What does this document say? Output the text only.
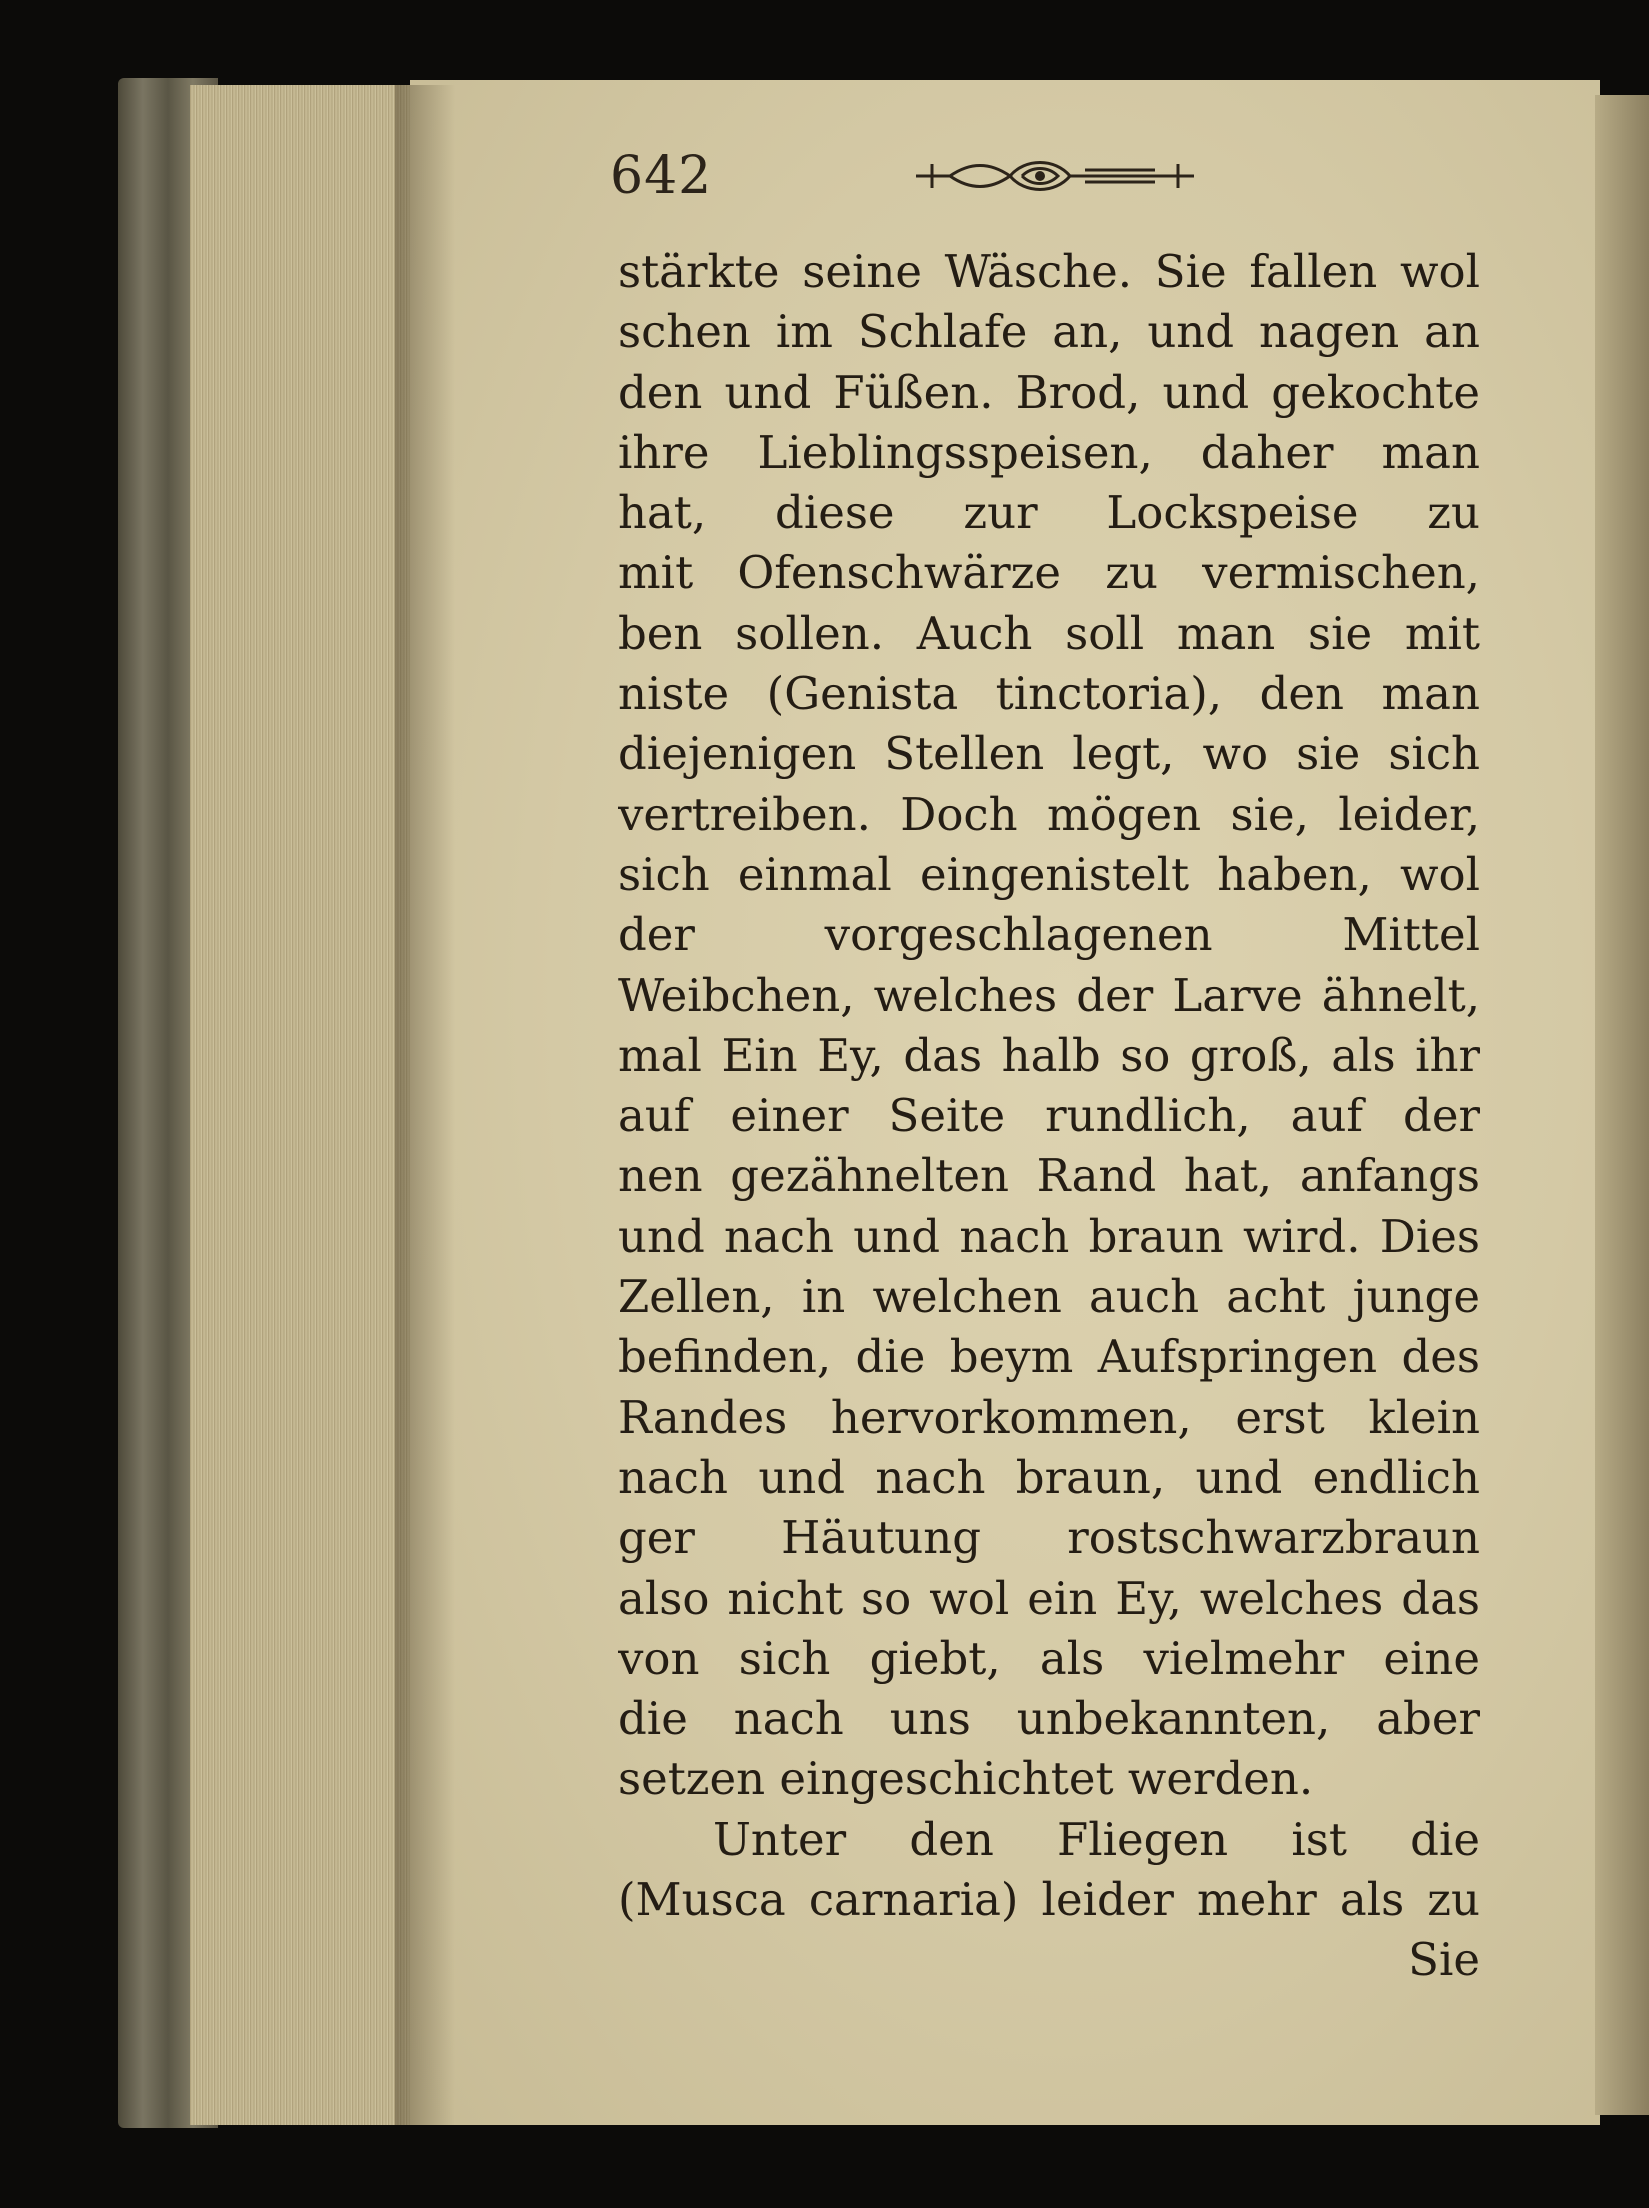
642
stärkte seine Wäsche. Sie fallen wol
schen im Schlafe an, und nagen an
den und Füßen. Brod, und gekochte
ihre Lieblingsspeisen, daher man
hat, diese zur Lockspeise zu
mit Ofenschwärze zu vermischen,
ben sollen. Auch soll man sie mit
niste (Genista tinctoria), den man
diejenigen Stellen legt, wo sie sich
vertreiben. Doch mögen sie, leider,
sich einmal eingenistelt haben, wol
der vorgeschlagenen Mittel
Weibchen, welches der Larve ähnelt,
mal Ein Ey, das halb so groß, als ihr
auf einer Seite rundlich, auf der
nen gezähnelten Rand hat, anfangs
und nach und nach braun wird. Dies
Zellen, in welchen auch acht junge
befinden, die beym Aufspringen des
Randes hervorkommen, erst klein
nach und nach braun, und endlich
ger Häutung rostschwarzbraun
also nicht so wol ein Ey, welches das
von sich giebt, als vielmehr eine
die nach uns unbekannten, aber
setzen eingeschichtet werden.
Unter den Fliegen ist die
(Musca carnaria) leider mehr als zu
Sie
